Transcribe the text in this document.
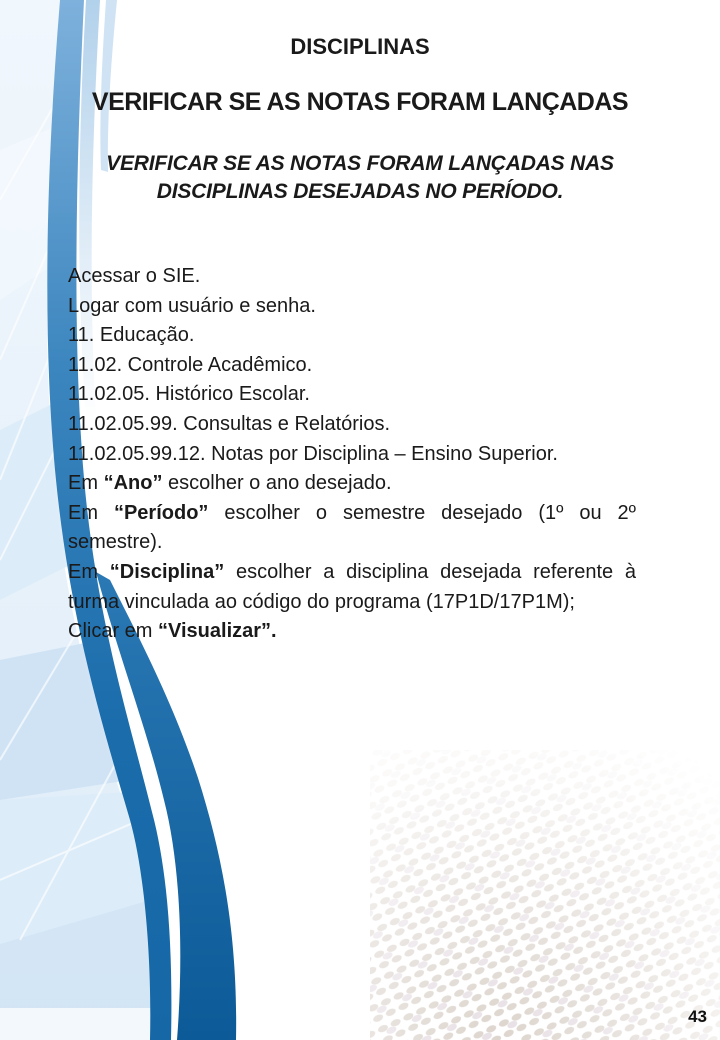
DISCIPLINAS
VERIFICAR SE AS NOTAS FORAM LANÇADAS
VERIFICAR SE AS NOTAS FORAM LANÇADAS NAS DISCIPLINAS DESEJADAS NO PERÍODO.

Acessar o SIE.

Logar com usuário e senha.

11. Educação.

11.02. Controle Acadêmico.

11.02.05. Histórico Escolar.

11.02.05.99. Consultas e Relatórios.

11.02.05.99.12. Notas por Disciplina – Ensino Superior.

Em “Ano” escolher o ano desejado.

Em “Período” escolher o semestre desejado (1º ou 2º semestre).

Em “Disciplina” escolher a disciplina desejada referente à turma vinculada ao código do programa (17P1D/17P1M);

Clicar em “Visualizar”.

43
